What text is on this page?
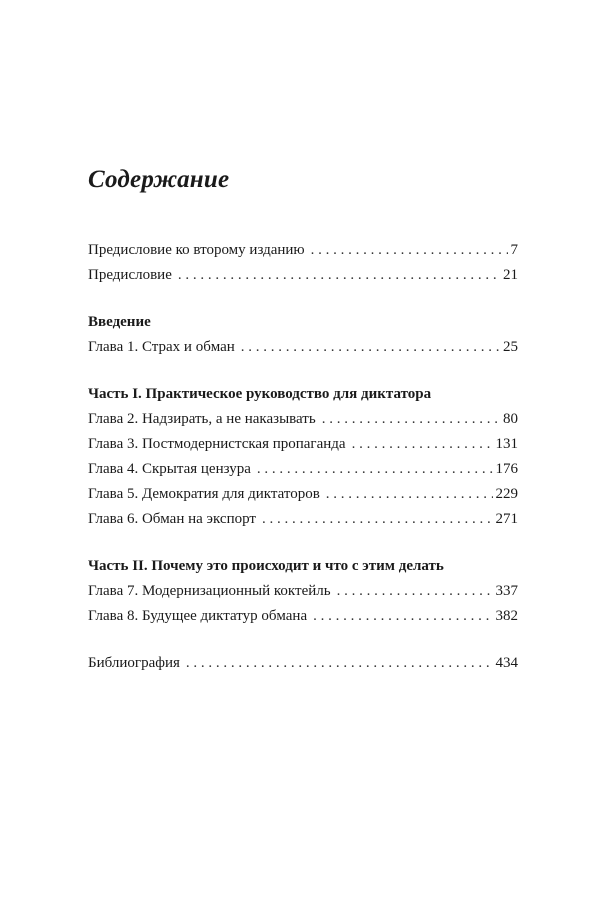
Содержание
Предисловие ко второму изданию . . .	7
Предисловие . . .	21
Введение
Глава 1. Страх и обман . . .	25
Часть I. Практическое руководство для диктатора
Глава 2. Надзирать, а не наказывать . . .	80
Глава 3. Постмодернистская пропаганда . . .	131
Глава 4. Скрытая цензура . . .	176
Глава 5. Демократия для диктаторов . . .	229
Глава 6. Обман на экспорт . . .	271
Часть II. Почему это происходит и что с этим делать
Глава 7. Модернизационный коктейль . . .	337
Глава 8. Будущее диктатур обмана . . .	382
Библиография . . .	434
